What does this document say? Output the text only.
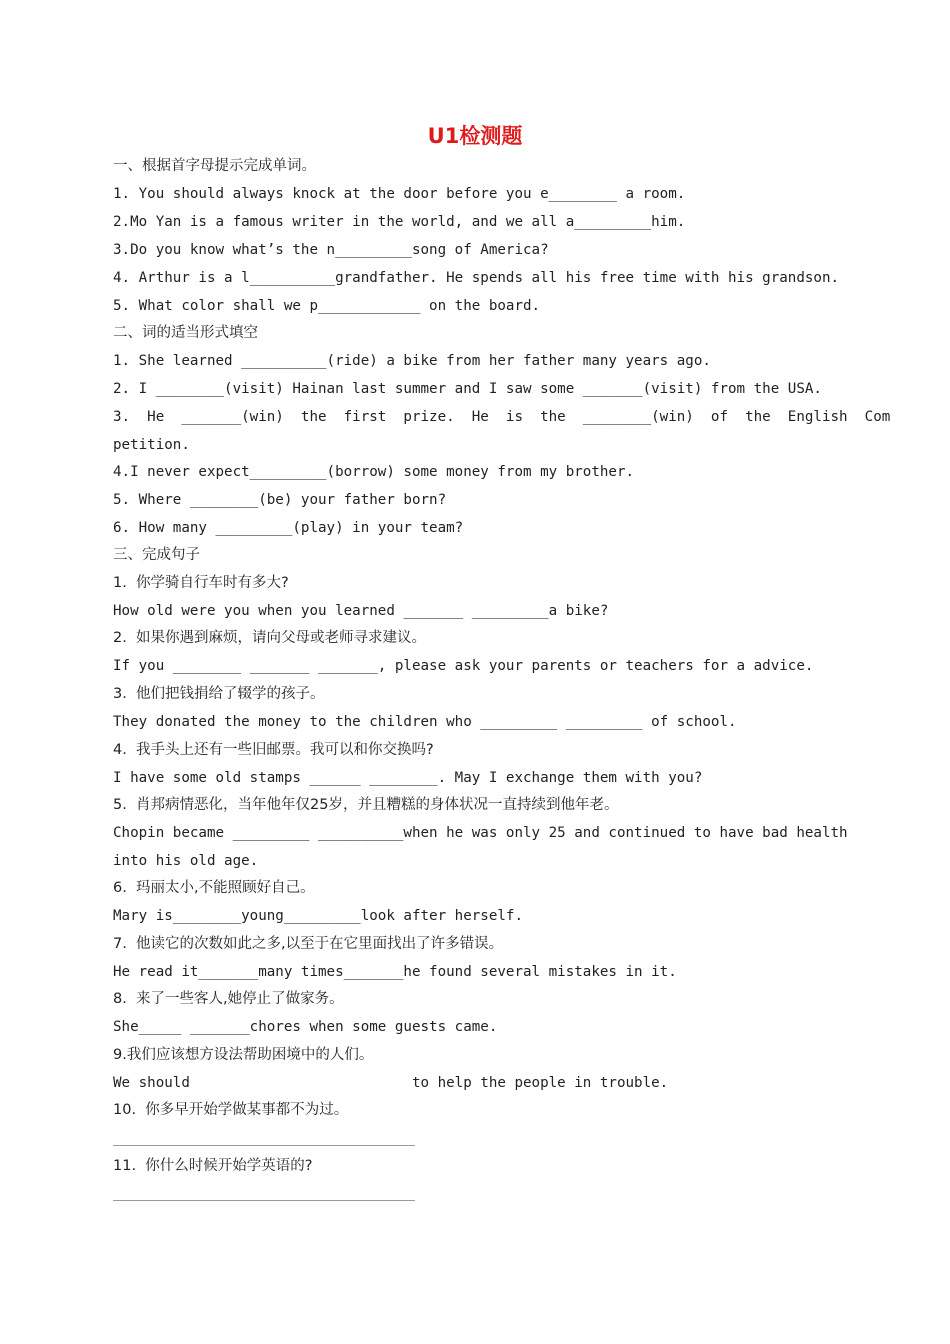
U1检测题
一、根据首字母提示完成单词。
1. You should always knock at the door before you e________ a room.
2.Mo Yan is a famous writer in the world, and we all a_________him.
3.Do you know what’s the n_________song of America?
4. Arthur is a l__________grandfather. He spends all his free time with his grandson.
5. What color shall we p____________ on the board.
二、词的适当形式填空
1. She learned __________(ride) a bike from her father many years ago.
2. I ________(visit) Hainan last summer and I saw some _______(visit) from the USA.
3.  He  _______(win)  the  first  prize.  He  is  the  ________(win)  of  the  English  Com
petition.
4.I never expect_________(borrow) some money from my brother.
5. Where ________(be) your father born?
6. How many _________(play) in your team?
三、完成句子
1.  你学骑自行车时有多大?
How old were you when you learned _______ _________a bike?
2.  如果你遇到麻烦，请向父母或老师寻求建议。
If you ________ _______ _______, please ask your parents or teachers for a advice.
3.  他们把钱捐给了辍学的孩子。
They donated the money to the children who _________ _________ of school.
4.  我手头上还有一些旧邮票。我可以和你交换吗?
I have some old stamps ______ ________. May I exchange them with you?
5.  肖邦病情恶化，当年他年仅25岁，并且糟糕的身体状况一直持续到他年老。
Chopin became _________ __________when he was only 25 and continued to have bad health
into his old age.
6.  玛丽太小,不能照顾好自己。
Mary is________young_________look after herself.
7.  他读它的次数如此之多,以至于在它里面找出了许多错误。
He read it_______many times_______he found several mistakes in it.
8.  来了一些客人,她停止了做家务。
She_____ _______chores when some guests came.
9.我们应该想方设法帮助困境中的人们。
We should                          to help the people in trouble.
10.  你多早开始学做某事都不为过。
11.  你什么时候开始学英语的?
